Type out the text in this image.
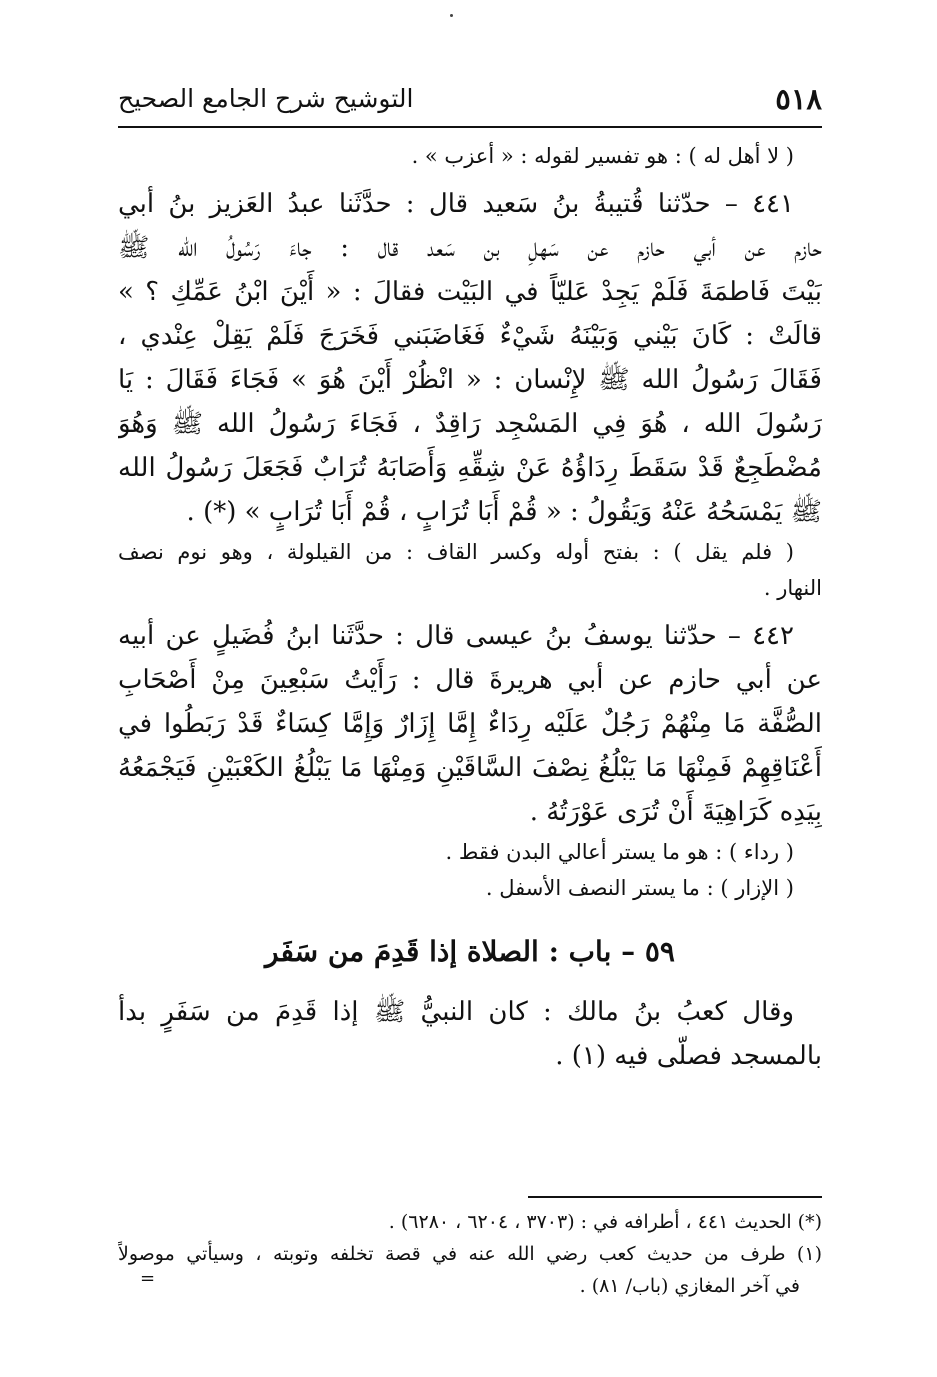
٥١٨
التوشيح شرح الجامع الصحيح
( لا أهل له ) : هو تفسير لقوله : « أعزب » .
٤٤١ – حدّثنا قُتيبةُ بنُ سَعيد قال : حدَّثَنا عبدُ العَزيز بنُ أبي
حازم عن أبي حازم عن سَهلِ بن سَعد قال : جاءَ رَسُولُ الله ﷺ
بَيْتَ فَاطمَةَ فَلَمْ يَجِدْ عَليّاً في البَيْت فقالَ : « أَيْنَ ابْنُ عَمِّكِ ؟ »
قالَتْ : كَانَ بَيْني وَبَيْنَهُ شَيْءٌ فَغَاضَبَني فَخَرَجَ فَلَمْ يَقِلْ عِنْدي ،
فَقَالَ رَسُولُ الله ﷺ لإِنْسان : « انْظُرْ أَيْنَ هُوَ » فَجَاءَ فَقَالَ : يَا
رَسُولَ الله ، هُوَ فِي المَسْجِد رَاقِدٌ ، فَجَاءَ رَسُولُ الله ﷺ وَهُوَ
مُضْطَجِعٌ قَدْ سَقَطَ رِدَاؤُهُ عَنْ شِقِّهِ وَأَصَابَهُ تُرَابٌ فَجَعَلَ رَسُولُ الله
ﷺ يَمْسَحُهُ عَنْهُ وَيَقُولُ : « قُمْ أَبَا تُرَابٍ ، قُمْ أَبَا تُرَابٍ » (*) .
( فلم يقل ) : بفتح أوله وكسر القاف : من القيلولة ، وهو نوم نصف
النهار .
٤٤٢ – حدّثنا يوسفُ بنُ عيسى قال : حدَّثَنا ابنُ فُضَيلٍ عن أبيه
عن أبي حازم عن أبي هريرةَ قال : رَأَيْتُ سَبْعِينَ مِنْ أَصْحَابِ
الصُّفَّة مَا مِنْهُمْ رَجُلٌ عَلَيْه رِدَاءٌ إِمَّا إِزَارٌ وَإِمَّا كِسَاءٌ قَدْ رَبَطُوا في
أَعْنَاقِهِمْ فَمِنْهَا مَا يَبْلُغُ نِصْفَ السَّاقَيْنِ وَمِنْهَا مَا يَبْلُغُ الكَعْبَيْنِ فَيَجْمَعُهُ
بِيَدِه كَرَاهِيَةَ أَنْ تُرَى عَوْرَتُهُ .
( رداء ) : هو ما يستر أعالي البدن فقط .
( الإزار ) : ما يستر النصف الأسفل .
٥٩ – باب : الصلاة إذا قَدِمَ من سَفَر
وقال كعبُ بنُ مالك : كان النبيُّ ﷺ إذا قَدِمَ من سَفَرٍ بدأ
بالمسجد فصلّى فيه (١) .
(*) الحديث ٤٤١ ، أطرافه في : (٣٧٠٣ ، ٦٢٠٤ ، ٦٢٨٠) .
(١) طرف من حديث كعب رضي الله عنه في قصة تخلفه وتوبته ، وسيأتي موصولاً
في آخر المغازي (باب/ ٨١) .
=
